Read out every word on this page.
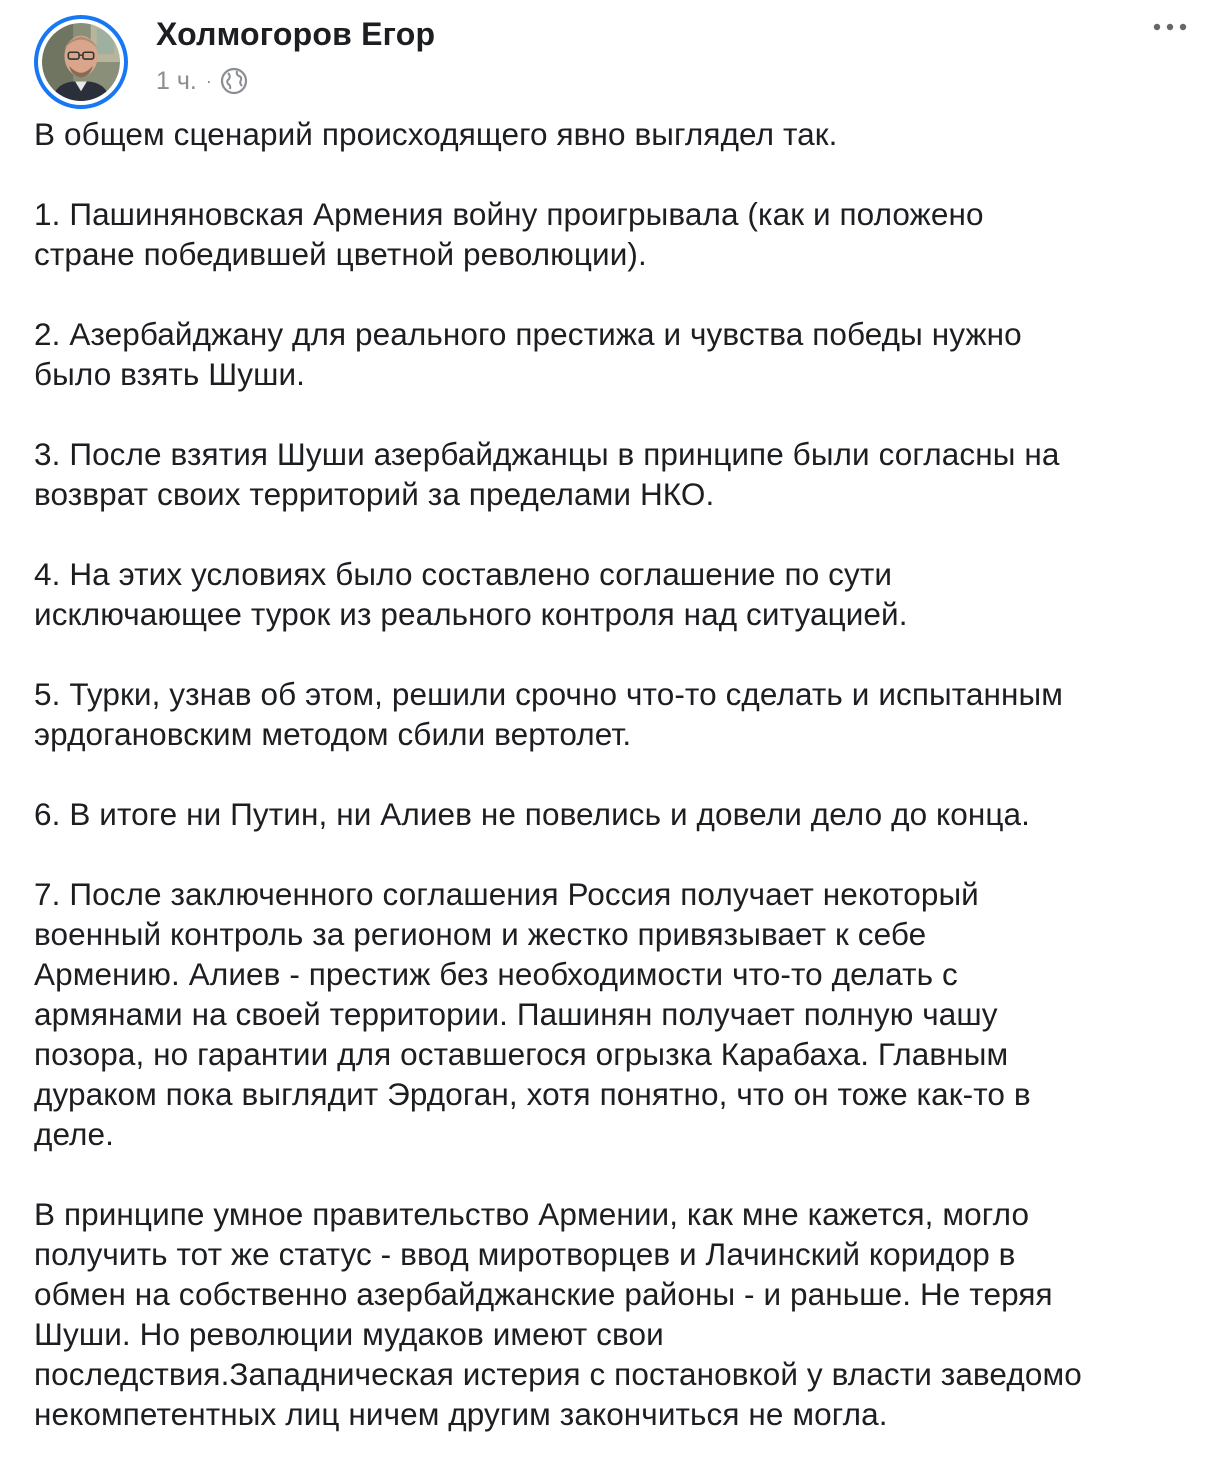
Холмогоров Егор
1 ч. ·

В общем сценарий происходящего явно выглядел так.

1. Пашиняновская Армения войну проигрывала (как и положено
стране победившей цветной революции).

2. Азербайджану для реального престижа и чувства победы нужно
было взять Шуши.

3. После взятия Шуши азербайджанцы в принципе были согласны на
возврат своих территорий за пределами НКО.

4. На этих условиях было составлено соглашение по сути
исключающее турок из реального контроля над ситуацией.

5. Турки, узнав об этом, решили срочно что-то сделать и испытанным
эрдогановским методом сбили вертолет.

6. В итоге ни Путин, ни Алиев не повелись и довели дело до конца.

7. После заключенного соглашения Россия получает некоторый
военный контроль за регионом и жестко привязывает к себе
Армению. Алиев - престиж без необходимости что-то делать с
армянами на своей территории. Пашинян получает полную чашу
позора, но гарантии для оставшегося огрызка Карабаха. Главным
дураком пока выглядит Эрдоган, хотя понятно, что он тоже как-то в
деле.

В принципе умное правительство Армении, как мне кажется, могло
получить тот же статус - ввод миротворцев и Лачинский коридор в
обмен на собственно азербайджанские районы - и раньше. Не теряя
Шуши. Но революции мудаков имеют свои
последствия.Западническая истерия с постановкой у власти заведомо
некомпетентных лиц ничем другим закончиться не могла.
